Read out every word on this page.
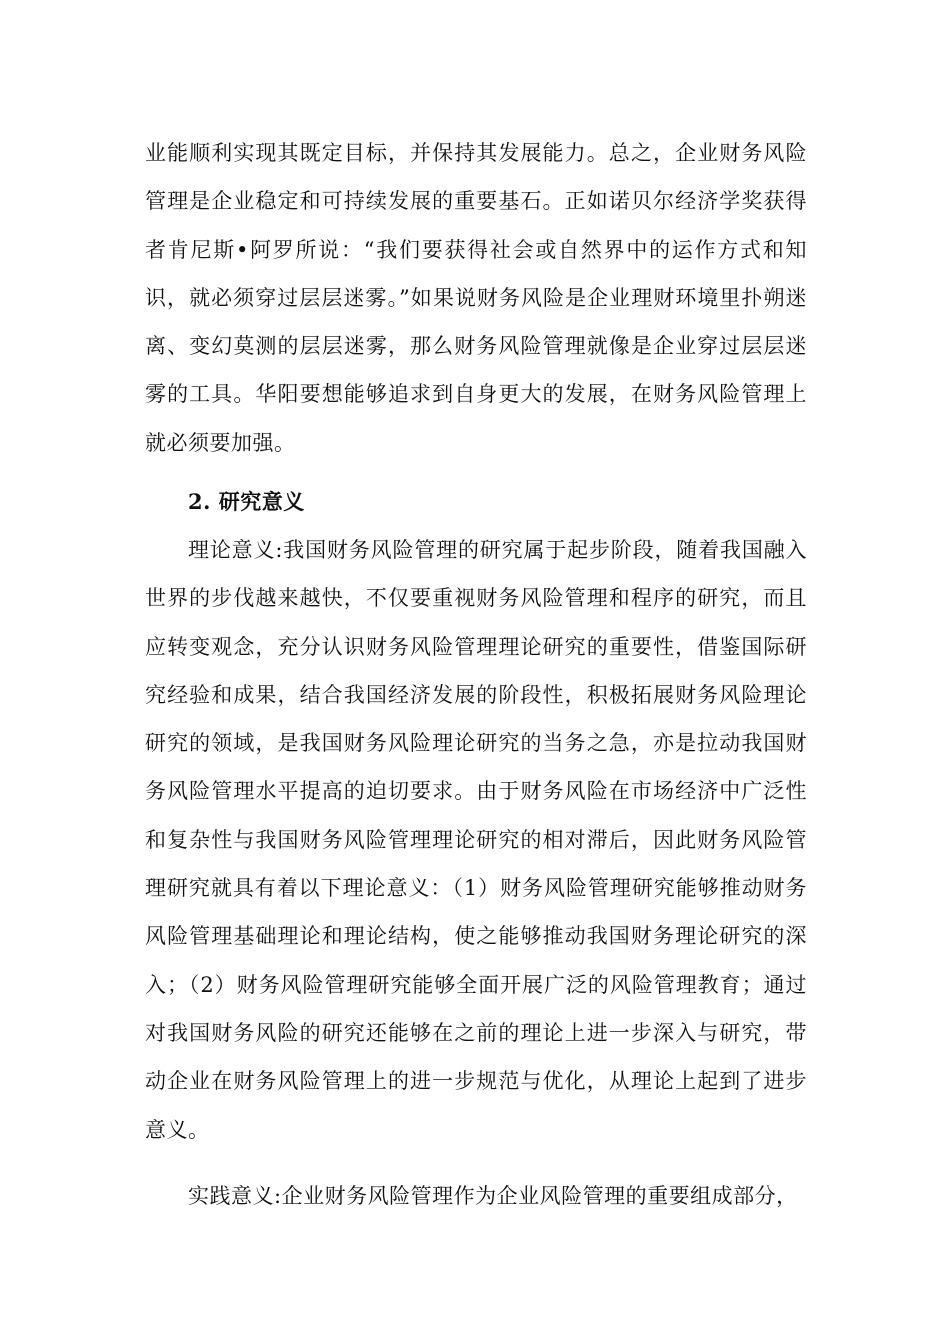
业能顺利实现其既定目标，并保持其发展能力。总之，企业财务风险管理是企业稳定和可持续发展的重要基石。正如诺贝尔经济学奖获得者肯尼斯•阿罗所说：“我们要获得社会或自然界中的运作方式和知识，就必须穿过层层迷雾。”如果说财务风险是企业理财环境里扑朔迷离、变幻莫测的层层迷雾，那么财务风险管理就像是企业穿过层层迷雾的工具。华阳要想能够追求到自身更大的发展，在财务风险管理上就必须要加强。

2. 研究意义

理论意义:我国财务风险管理的研究属于起步阶段，随着我国融入世界的步伐越来越快，不仅要重视财务风险管理和程序的研究，而且应转变观念，充分认识财务风险管理理论研究的重要性，借鉴国际研究经验和成果，结合我国经济发展的阶段性，积极拓展财务风险理论研究的领域，是我国财务风险理论研究的当务之急，亦是拉动我国财务风险管理水平提高的迫切要求。由于财务风险在市场经济中广泛性和复杂性与我国财务风险管理理论研究的相对滞后，因此财务风险管理研究就具有着以下理论意义：（1）财务风险管理研究能够推动财务风险管理基础理论和理论结构，使之能够推动我国财务理论研究的深入；（2）财务风险管理研究能够全面开展广泛的风险管理教育；通过对我国财务风险的研究还能够在之前的理论上进一步深入与研究，带动企业在财务风险管理上的进一步规范与优化，从理论上起到了进步意义。

实践意义:企业财务风险管理作为企业风险管理的重要组成部分，
